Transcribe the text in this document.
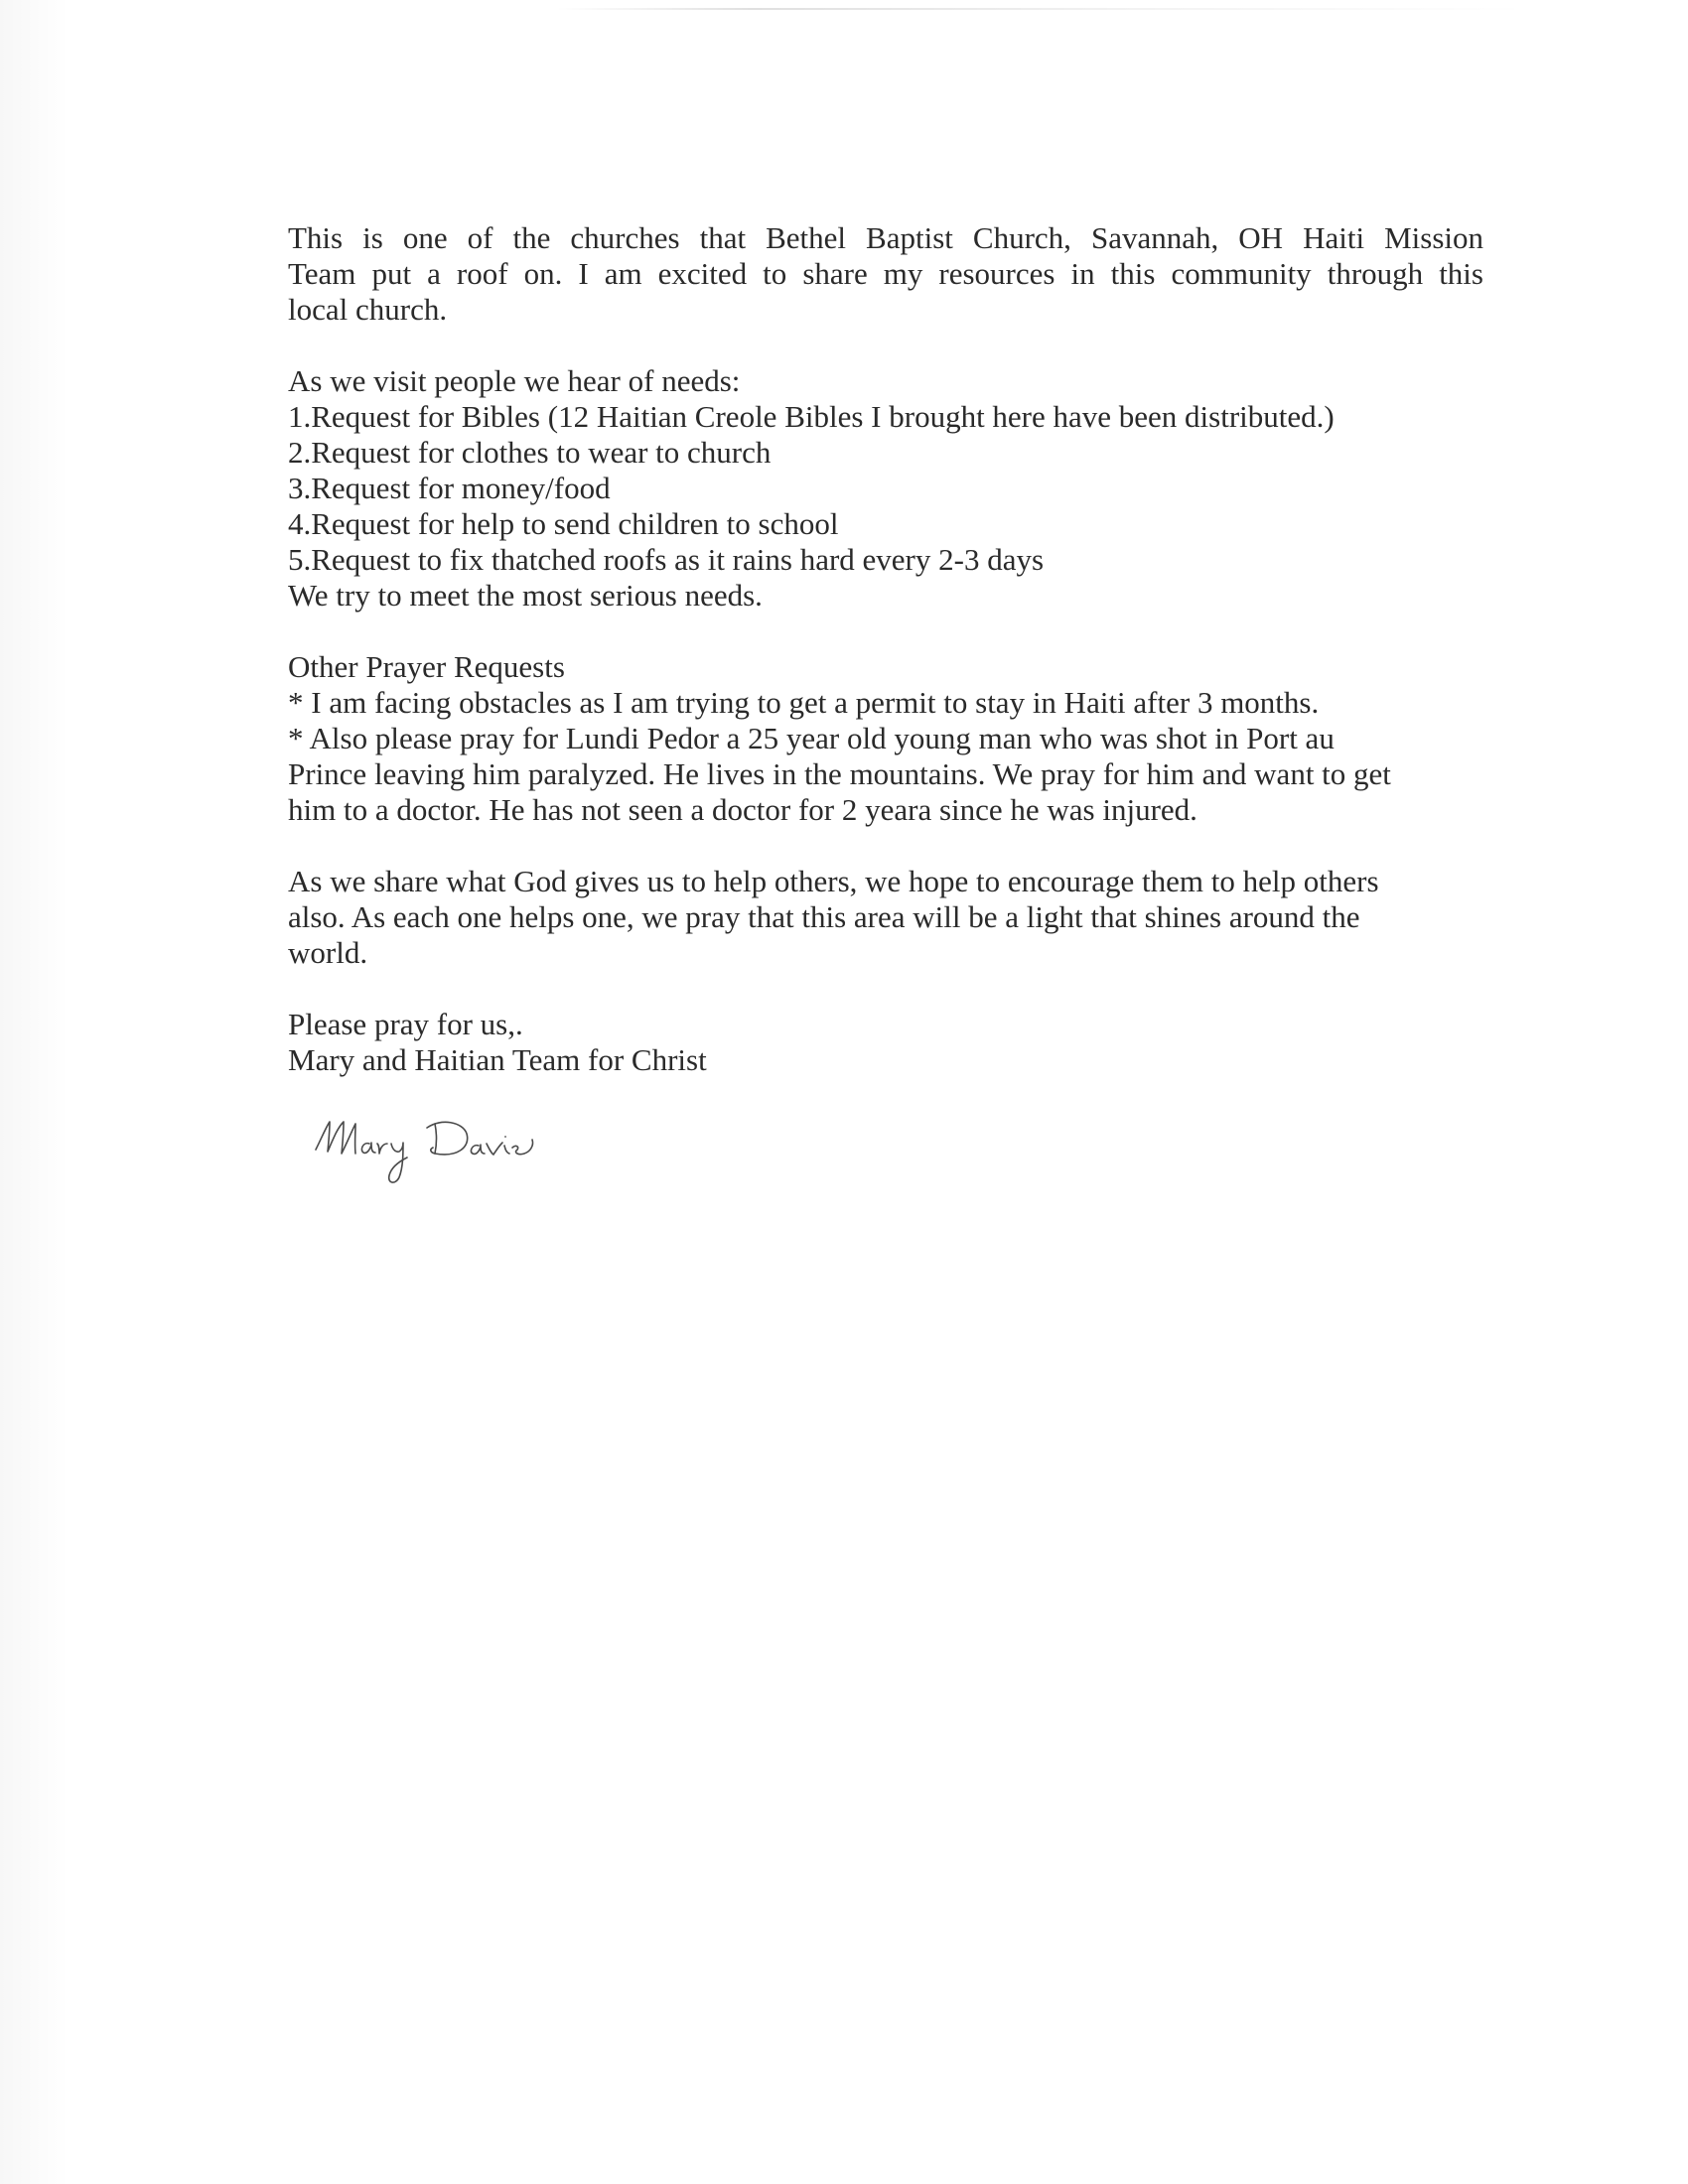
This is one of the churches that Bethel Baptist Church, Savannah, OH Haiti Mission
Team put a roof on. I am excited to share my resources in this community through this
local church.
As we visit people we hear of needs:
1.Request for Bibles (12 Haitian Creole Bibles I brought here have been distributed.)
2.Request for clothes to wear to church
3.Request for money/food
4.Request for help to send children to school
5.Request to fix thatched roofs as it rains hard every 2-3 days
We try to meet the most serious needs.
Other Prayer Requests
* I am facing obstacles as I am trying to get a permit to stay in Haiti after 3 months.
* Also please pray for Lundi Pedor a 25 year old young man who was shot in Port au
Prince leaving him paralyzed. He lives in the mountains. We pray for him and want to get
him to a doctor. He has not seen a doctor for 2 yeara since he was injured.
As we share what God gives us to help others, we hope to encourage them to help others
also. As each one helps one, we pray that this area will be a light that shines around the
world.
Please pray for us,.
Mary and Haitian Team for Christ
